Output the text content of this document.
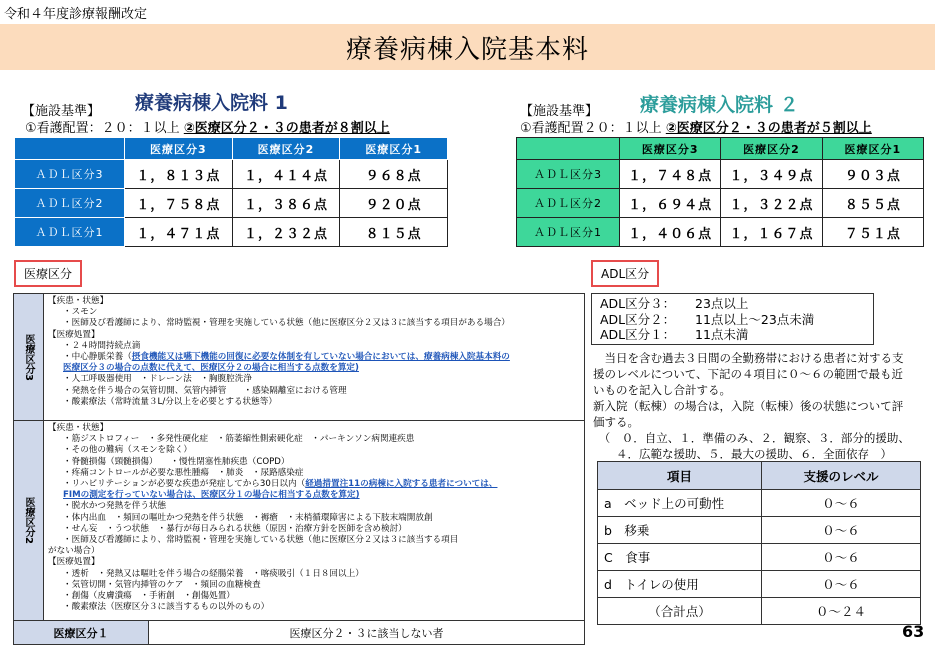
令和４年度診療報酬改定
療養病棟入院基本料
【施設基準】 療養病棟入院料 1
①看護配置：２０：１以上 ②医療区分２・３の患者が８割以上
	医療区分3	医療区分2	医療区分1
ＡＤＬ区分3	１，８１３点	１，４１４点	９６８点
ＡＤＬ区分2	１，７５８点	１，３８６点	９２０点
ＡＤＬ区分1	１，４７１点	１，２３２点	８１５点
【施設基準】 療養病棟入院料 ２
①看護配置２０：１以上 ②医療区分２・３の患者が５割以上
	医療区分3	医療区分2	医療区分1
ＡＤＬ区分3	１，７４８点	１，３４９点	９０３点
ＡＤＬ区分2	１，６９４点	１，３２２点	８５５点
ＡＤＬ区分1	１，４０６点	１，１６７点	７５１点
医療区分	ADL区分
医療区分3
【疾患・状態】
・スモン
・医師及び看護師により、常時監視・管理を実施している状態（他に医療区分２又は３に該当する項目がある場合）
【医療処置】
・２４時間持続点滴
・中心静脈栄養（摂食機能又は嚥下機能の回復に必要な体制を有していない場合においては、療養病棟入院基本料の
医療区分３の場合の点数に代えて、医療区分２の場合に相当する点数を算定)
・人工呼吸器使用　・ドレーン法　・胸腹腔洗浄
・発熱を伴う場合の気管切開、気管内挿管　　・感染隔離室における管理
・酸素療法（常時流量３L/分以上を必要とする状態等）
医療区分2
【疾患・状態】
・筋ジストロフィー　・多発性硬化症　・筋萎縮性側索硬化症　・パーキンソン病関連疾患
・その他の難病（スモンを除く）
・脊髄損傷（頸髄損傷）　　・慢性閉塞性肺疾患（COPD）
・疼痛コントロールが必要な悪性腫瘍　・肺炎　・尿路感染症
・リハビリテーションが必要な疾患が発症してから30日以内（経過措置注11の病棟に入院する患者については、
FIMの測定を行っていない場合は、医療区分１の場合に相当する点数を算定)
・脱水かつ発熱を伴う状態
・体内出血　・頻回の嘔吐かつ発熱を伴う状態　・褥瘡　・末梢循環障害による下肢末端開放創
・せん妄　・うつ状態　・暴行が毎日みられる状態（原因・治療方針を医師を含め検討）
・医師及び看護師により、常時監視・管理を実施している状態（他に医療区分２又は３に該当する項目
がない場合）
【医療処置】
・透析　・発熱又は嘔吐を伴う場合の経腸栄養　・喀痰吸引（１日８回以上）
・気管切開・気管内挿管のケア　・頻回の血糖検査
・創傷（皮膚潰瘍　・手術創　・創傷処置）
・酸素療法（医療区分３に該当するもの以外のもの）
医療区分１	医療区分２・３に該当しない者
ADL区分３：	23点以上
ADL区分２：	11点以上～23点未満
ADL区分１：	11点未満
　当日を含む過去３日間の全勤務帯における患者に対する支
援のレベルについて、下記の４項目に０～６の範囲で最も近
いものを記入し合計する。
新入院（転棟）の場合は，入院（転棟）後の状態について評
価する。
　（　０．自立、１．準備のみ、２．観察、３．部分的援助、
　　４．広範な援助、５．最大の援助、６．全面依存　）
項目	支援のレベル
a　ベッド上の可動性	０～６
b　移乗	０～６
C　食事	０～６
d　トイレの使用	０～６
（合計点）	０～２４
63
